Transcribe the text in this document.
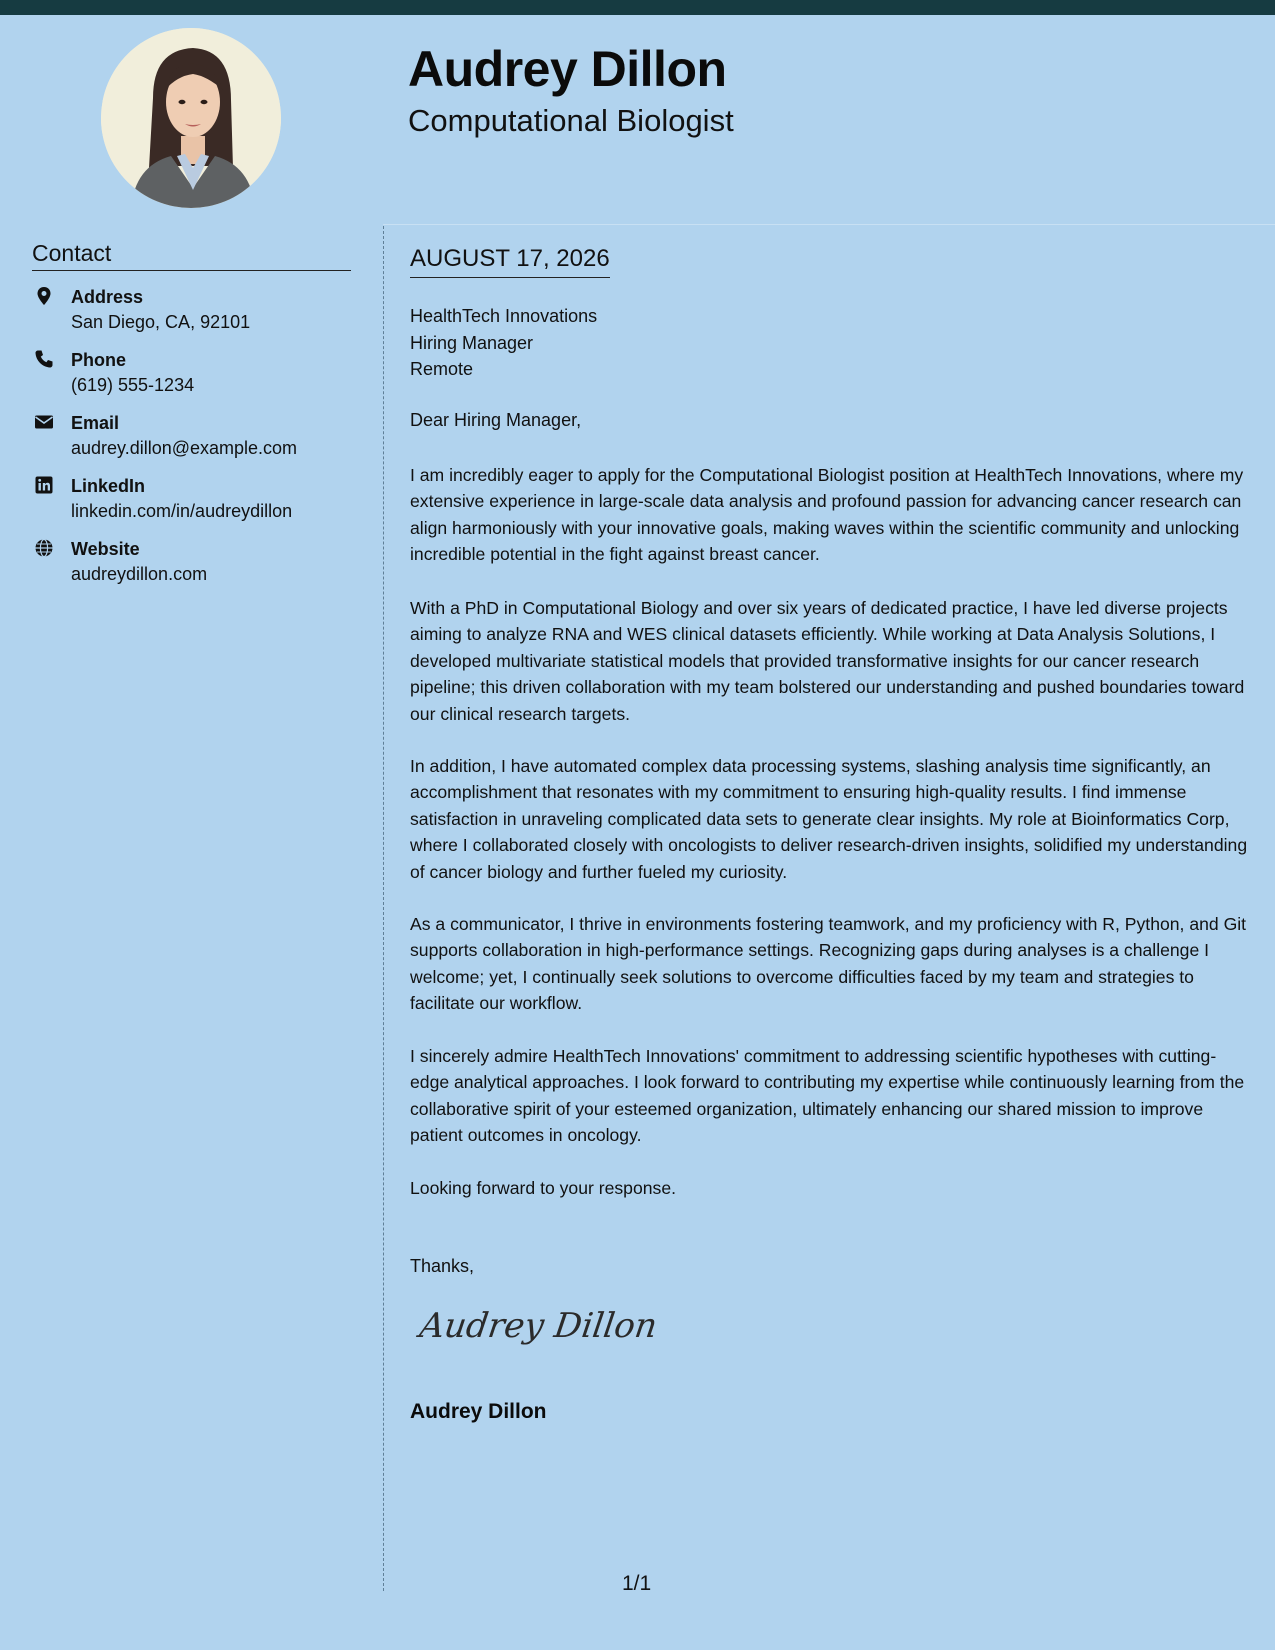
Audrey Dillon
Computational Biologist
Contact
Address
San Diego, CA, 92101
Phone
(619) 555-1234
Email
audrey.dillon@example.com
LinkedIn
linkedin.com/in/audreydillon
Website
audreydillon.com
AUGUST 17, 2026
HealthTech Innovations
Hiring Manager
Remote
Dear Hiring Manager,

I am incredibly eager to apply for the Computational Biologist position at HealthTech Innovations, where my extensive experience in large-scale data analysis and profound passion for advancing cancer research can align harmoniously with your innovative goals, making waves within the scientific community and unlocking incredible potential in the fight against breast cancer.

With a PhD in Computational Biology and over six years of dedicated practice, I have led diverse projects aiming to analyze RNA and WES clinical datasets efficiently. While working at Data Analysis Solutions, I developed multivariate statistical models that provided transformative insights for our cancer research pipeline; this driven collaboration with my team bolstered our understanding and pushed boundaries toward our clinical research targets.

In addition, I have automated complex data processing systems, slashing analysis time significantly, an accomplishment that resonates with my commitment to ensuring high-quality results. I find immense satisfaction in unraveling complicated data sets to generate clear insights. My role at Bioinformatics Corp, where I collaborated closely with oncologists to deliver research-driven insights, solidified my understanding of cancer biology and further fueled my curiosity.

As a communicator, I thrive in environments fostering teamwork, and my proficiency with R, Python, and Git supports collaboration in high-performance settings. Recognizing gaps during analyses is a challenge I welcome; yet, I continually seek solutions to overcome difficulties faced by my team and strategies to facilitate our workflow.

I sincerely admire HealthTech Innovations' commitment to addressing scientific hypotheses with cutting-edge analytical approaches. I look forward to contributing my expertise while continuously learning from the collaborative spirit of your esteemed organization, ultimately enhancing our shared mission to improve patient outcomes in oncology.

Looking forward to your response.

Thanks,
Audrey Dillon
Audrey Dillon
1/1
